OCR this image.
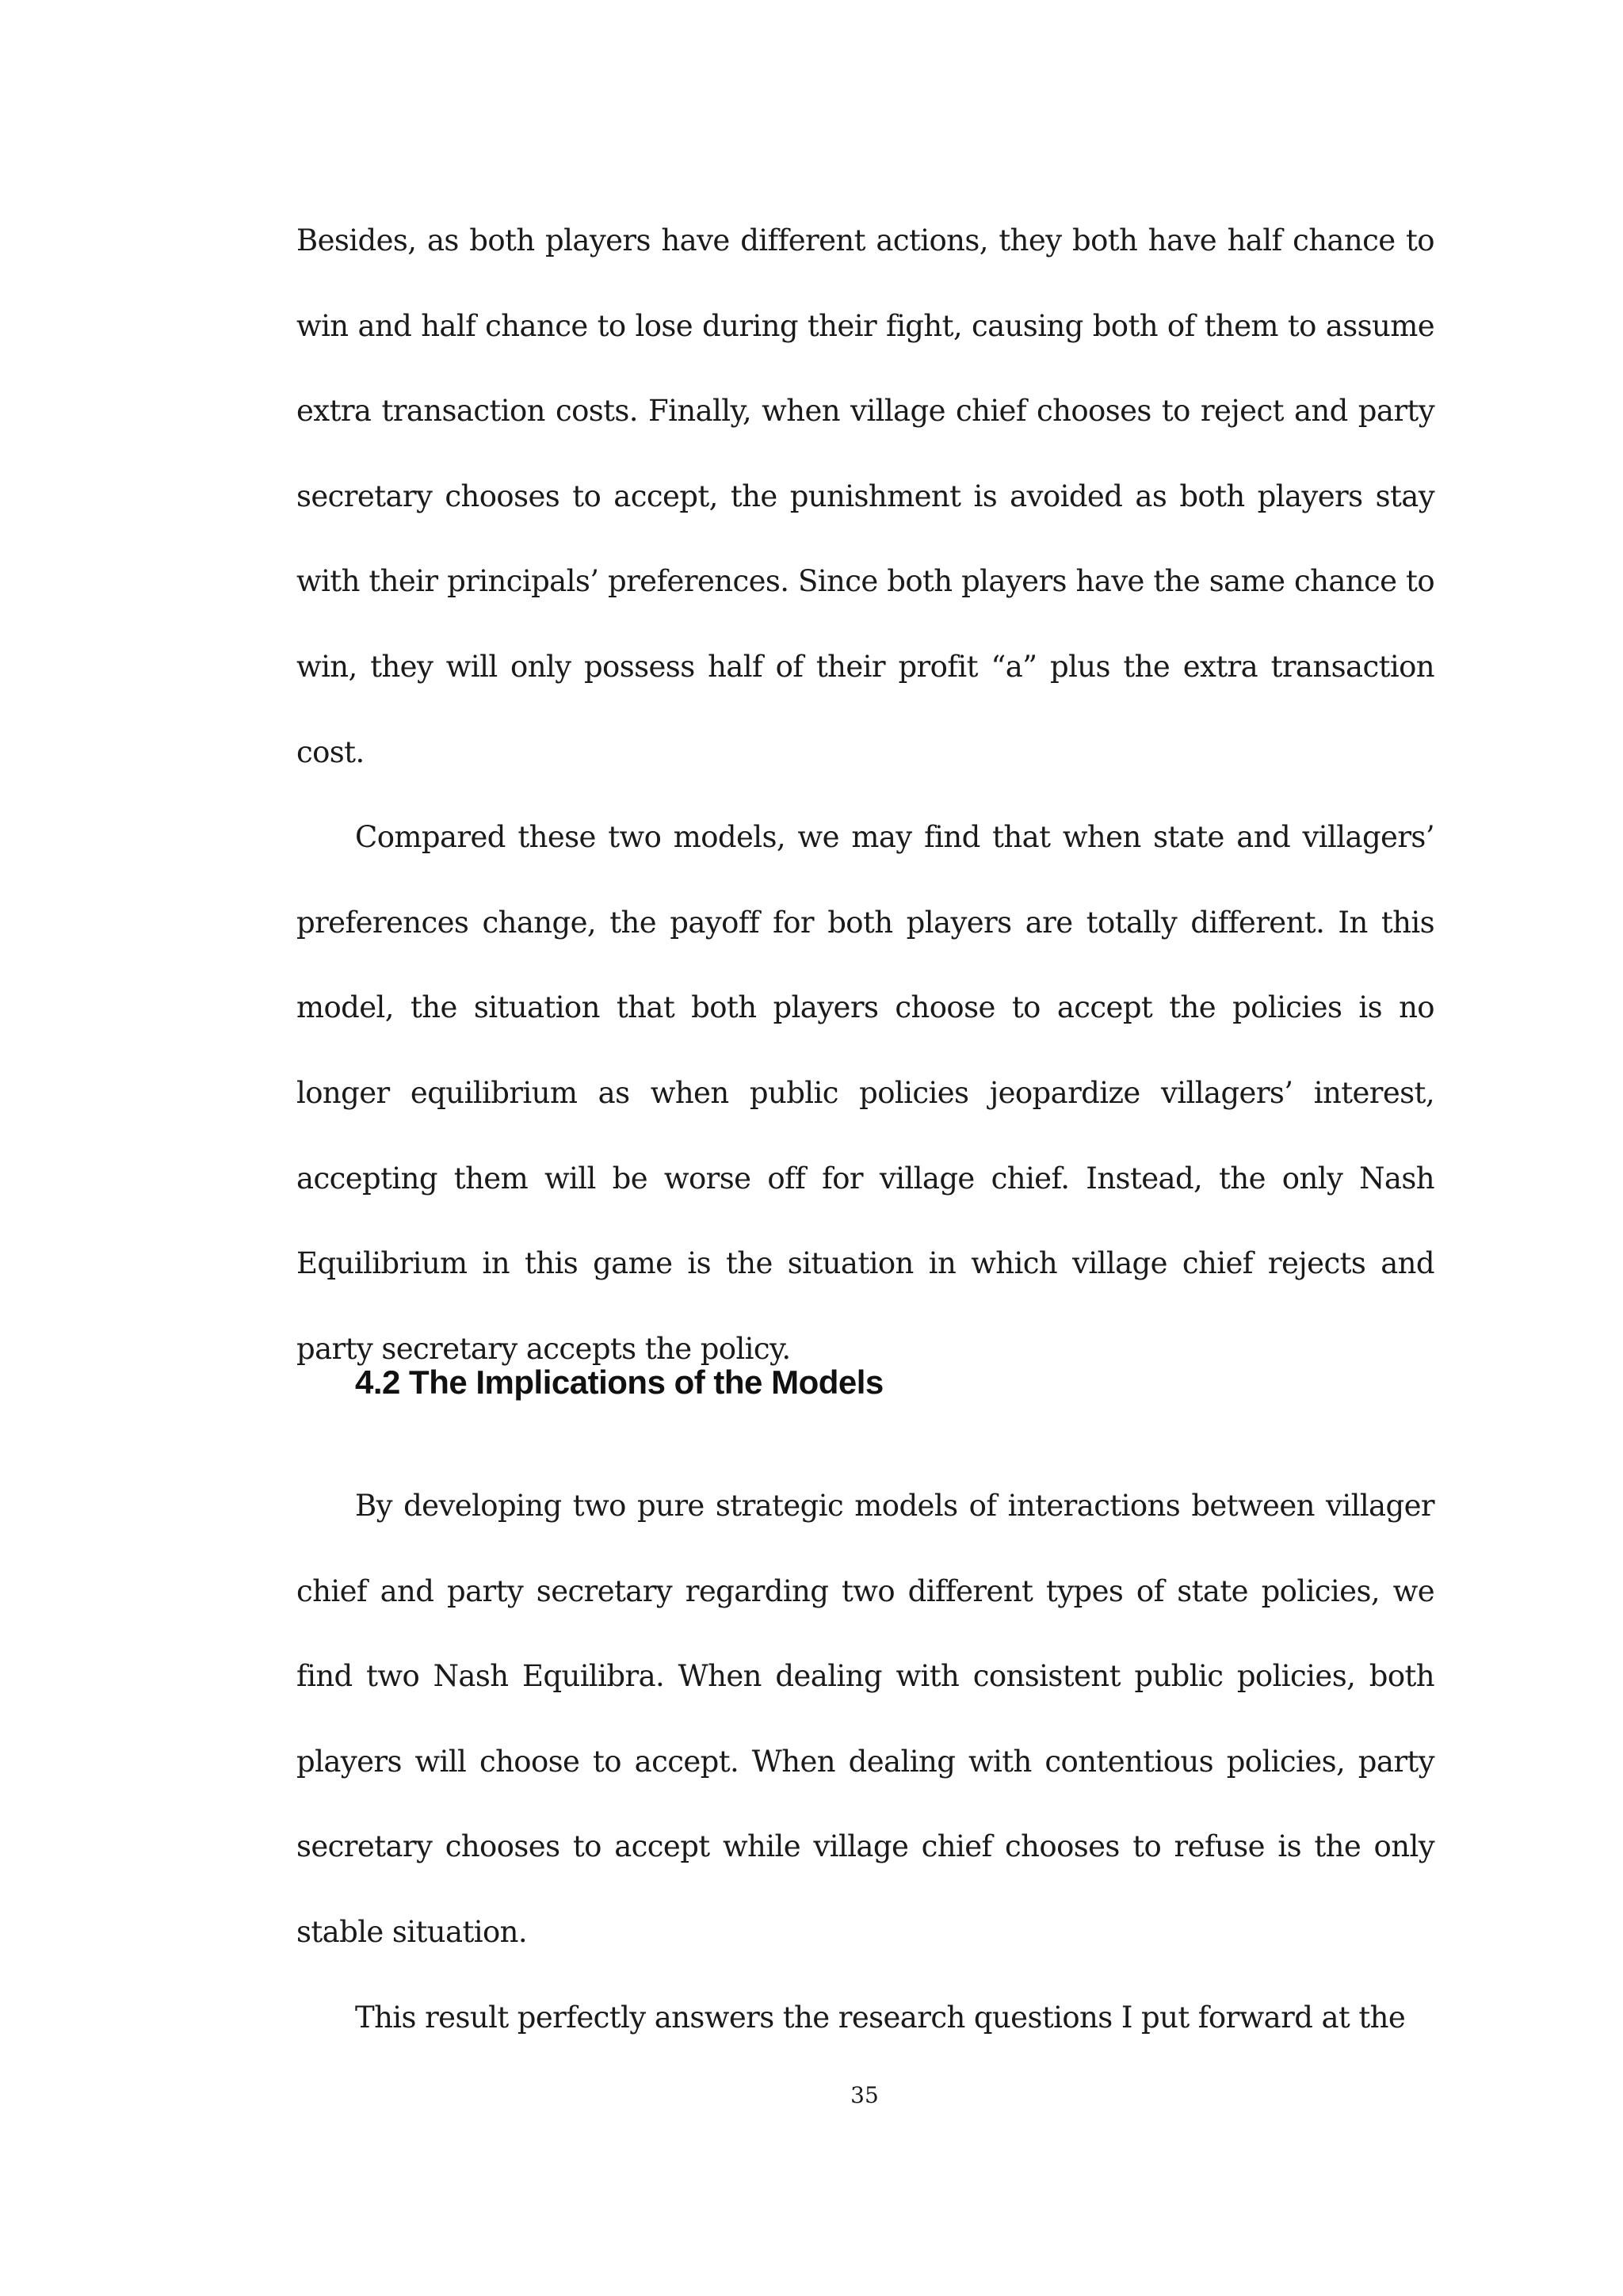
Besides, as both players have different actions, they both have half chance to win and half chance to lose during their fight, causing both of them to assume extra transaction costs. Finally, when village chief chooses to reject and party secretary chooses to accept, the punishment is avoided as both players stay with their principals’ preferences. Since both players have the same chance to win, they will only possess half of their profit “a” plus the extra transaction cost.

Compared these two models, we may find that when state and villagers’ preferences change, the payoff for both players are totally different. In this model, the situation that both players choose to accept the policies is no longer equilibrium as when public policies jeopardize villagers’ interest, accepting them will be worse off for village chief. Instead, the only Nash Equilibrium in this game is the situation in which village chief rejects and party secretary accepts the policy.

4.2 The Implications of the Models

By developing two pure strategic models of interactions between villager chief and party secretary regarding two different types of state policies, we find two Nash Equilibra. When dealing with consistent public policies, both players will choose to accept. When dealing with contentious policies, party secretary chooses to accept while village chief chooses to refuse is the only stable situation.

This result perfectly answers the research questions I put forward at the

35
